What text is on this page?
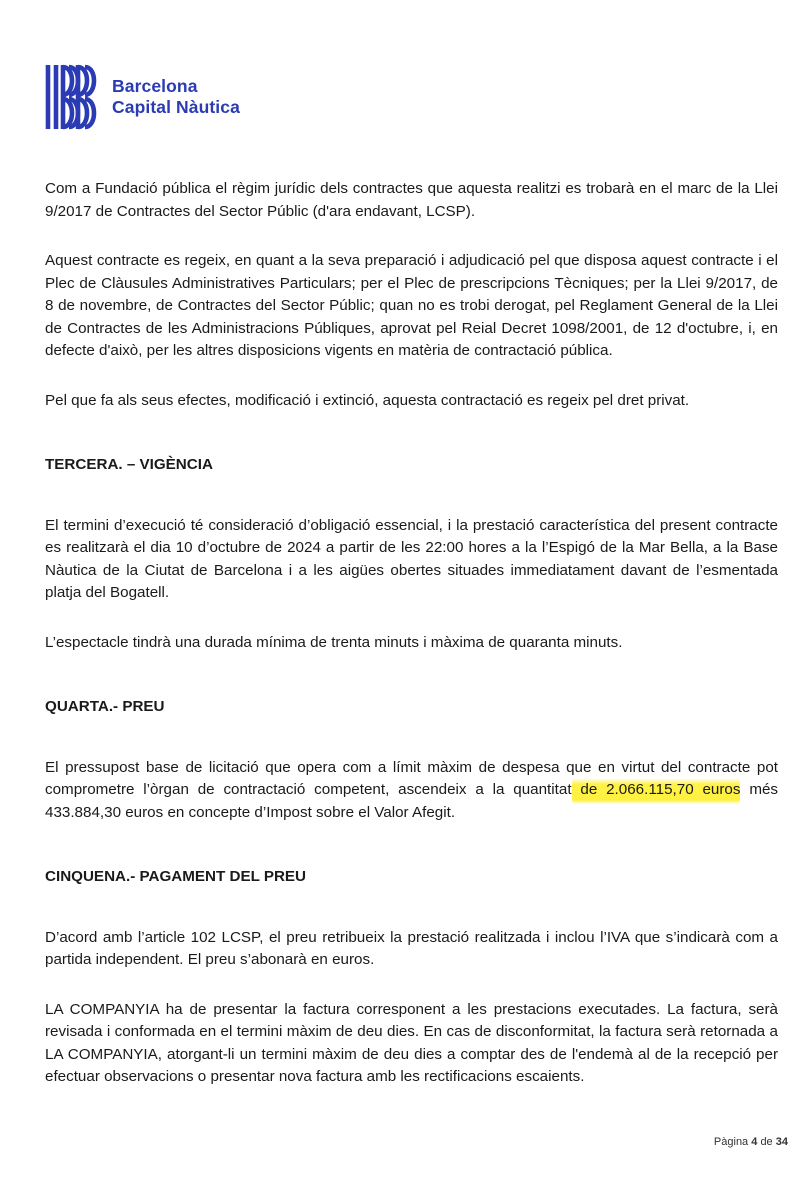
Barcelona
Capital Nàutica

Com a Fundació pública el règim jurídic dels contractes que aquesta realitzi es trobarà en el marc de la Llei 9/2017 de Contractes del Sector Públic (d'ara endavant, LCSP).

Aquest contracte es regeix, en quant a la seva preparació i adjudicació pel que disposa aquest contracte i el Plec de Clàusules Administratives Particulars; per el Plec de prescripcions Tècniques; per la Llei 9/2017, de 8 de novembre, de Contractes del Sector Públic; quan no es trobi derogat, pel Reglament General de la Llei de Contractes de les Administracions Públiques, aprovat pel Reial Decret 1098/2001, de 12 d'octubre, i, en defecte d'això, per les altres disposicions vigents en matèria de contractació pública.

Pel que fa als seus efectes, modificació i extinció, aquesta contractació es regeix pel dret privat.

TERCERA. – VIGÈNCIA

El termini d’execució té consideració d’obligació essencial, i la prestació característica del present contracte es realitzarà el dia 10 d’octubre de 2024 a partir de les 22:00 hores a la l’Espigó de la Mar Bella, a la Base Nàutica de la Ciutat de Barcelona i a les aigües obertes situades immediatament davant de l’esmentada platja del Bogatell.

L’espectacle tindrà una durada mínima de trenta minuts i màxima de quaranta minuts.

QUARTA.- PREU

El pressupost base de licitació que opera com a límit màxim de despesa que en virtut del contracte pot comprometre l’òrgan de contractació competent, ascendeix a la quantitat de 2.066.115,70 euros més 433.884,30 euros en concepte d’Impost sobre el Valor Afegit.

CINQUENA.- PAGAMENT DEL PREU

D’acord amb l’article 102 LCSP, el preu retribueix la prestació realitzada i inclou l’IVA que s’indicarà com a partida independent. El preu s’abonarà en euros.

LA COMPANYIA ha de presentar la factura corresponent a les prestacions executades. La factura, serà revisada i conformada en el termini màxim de deu dies. En cas de disconformitat, la factura serà retornada a LA COMPANYIA, atorgant-li un termini màxim de deu dies a comptar des de l'endemà al de la recepció per efectuar observacions o presentar nova factura amb les rectificacions escaients.

Pàgina 4 de 34
